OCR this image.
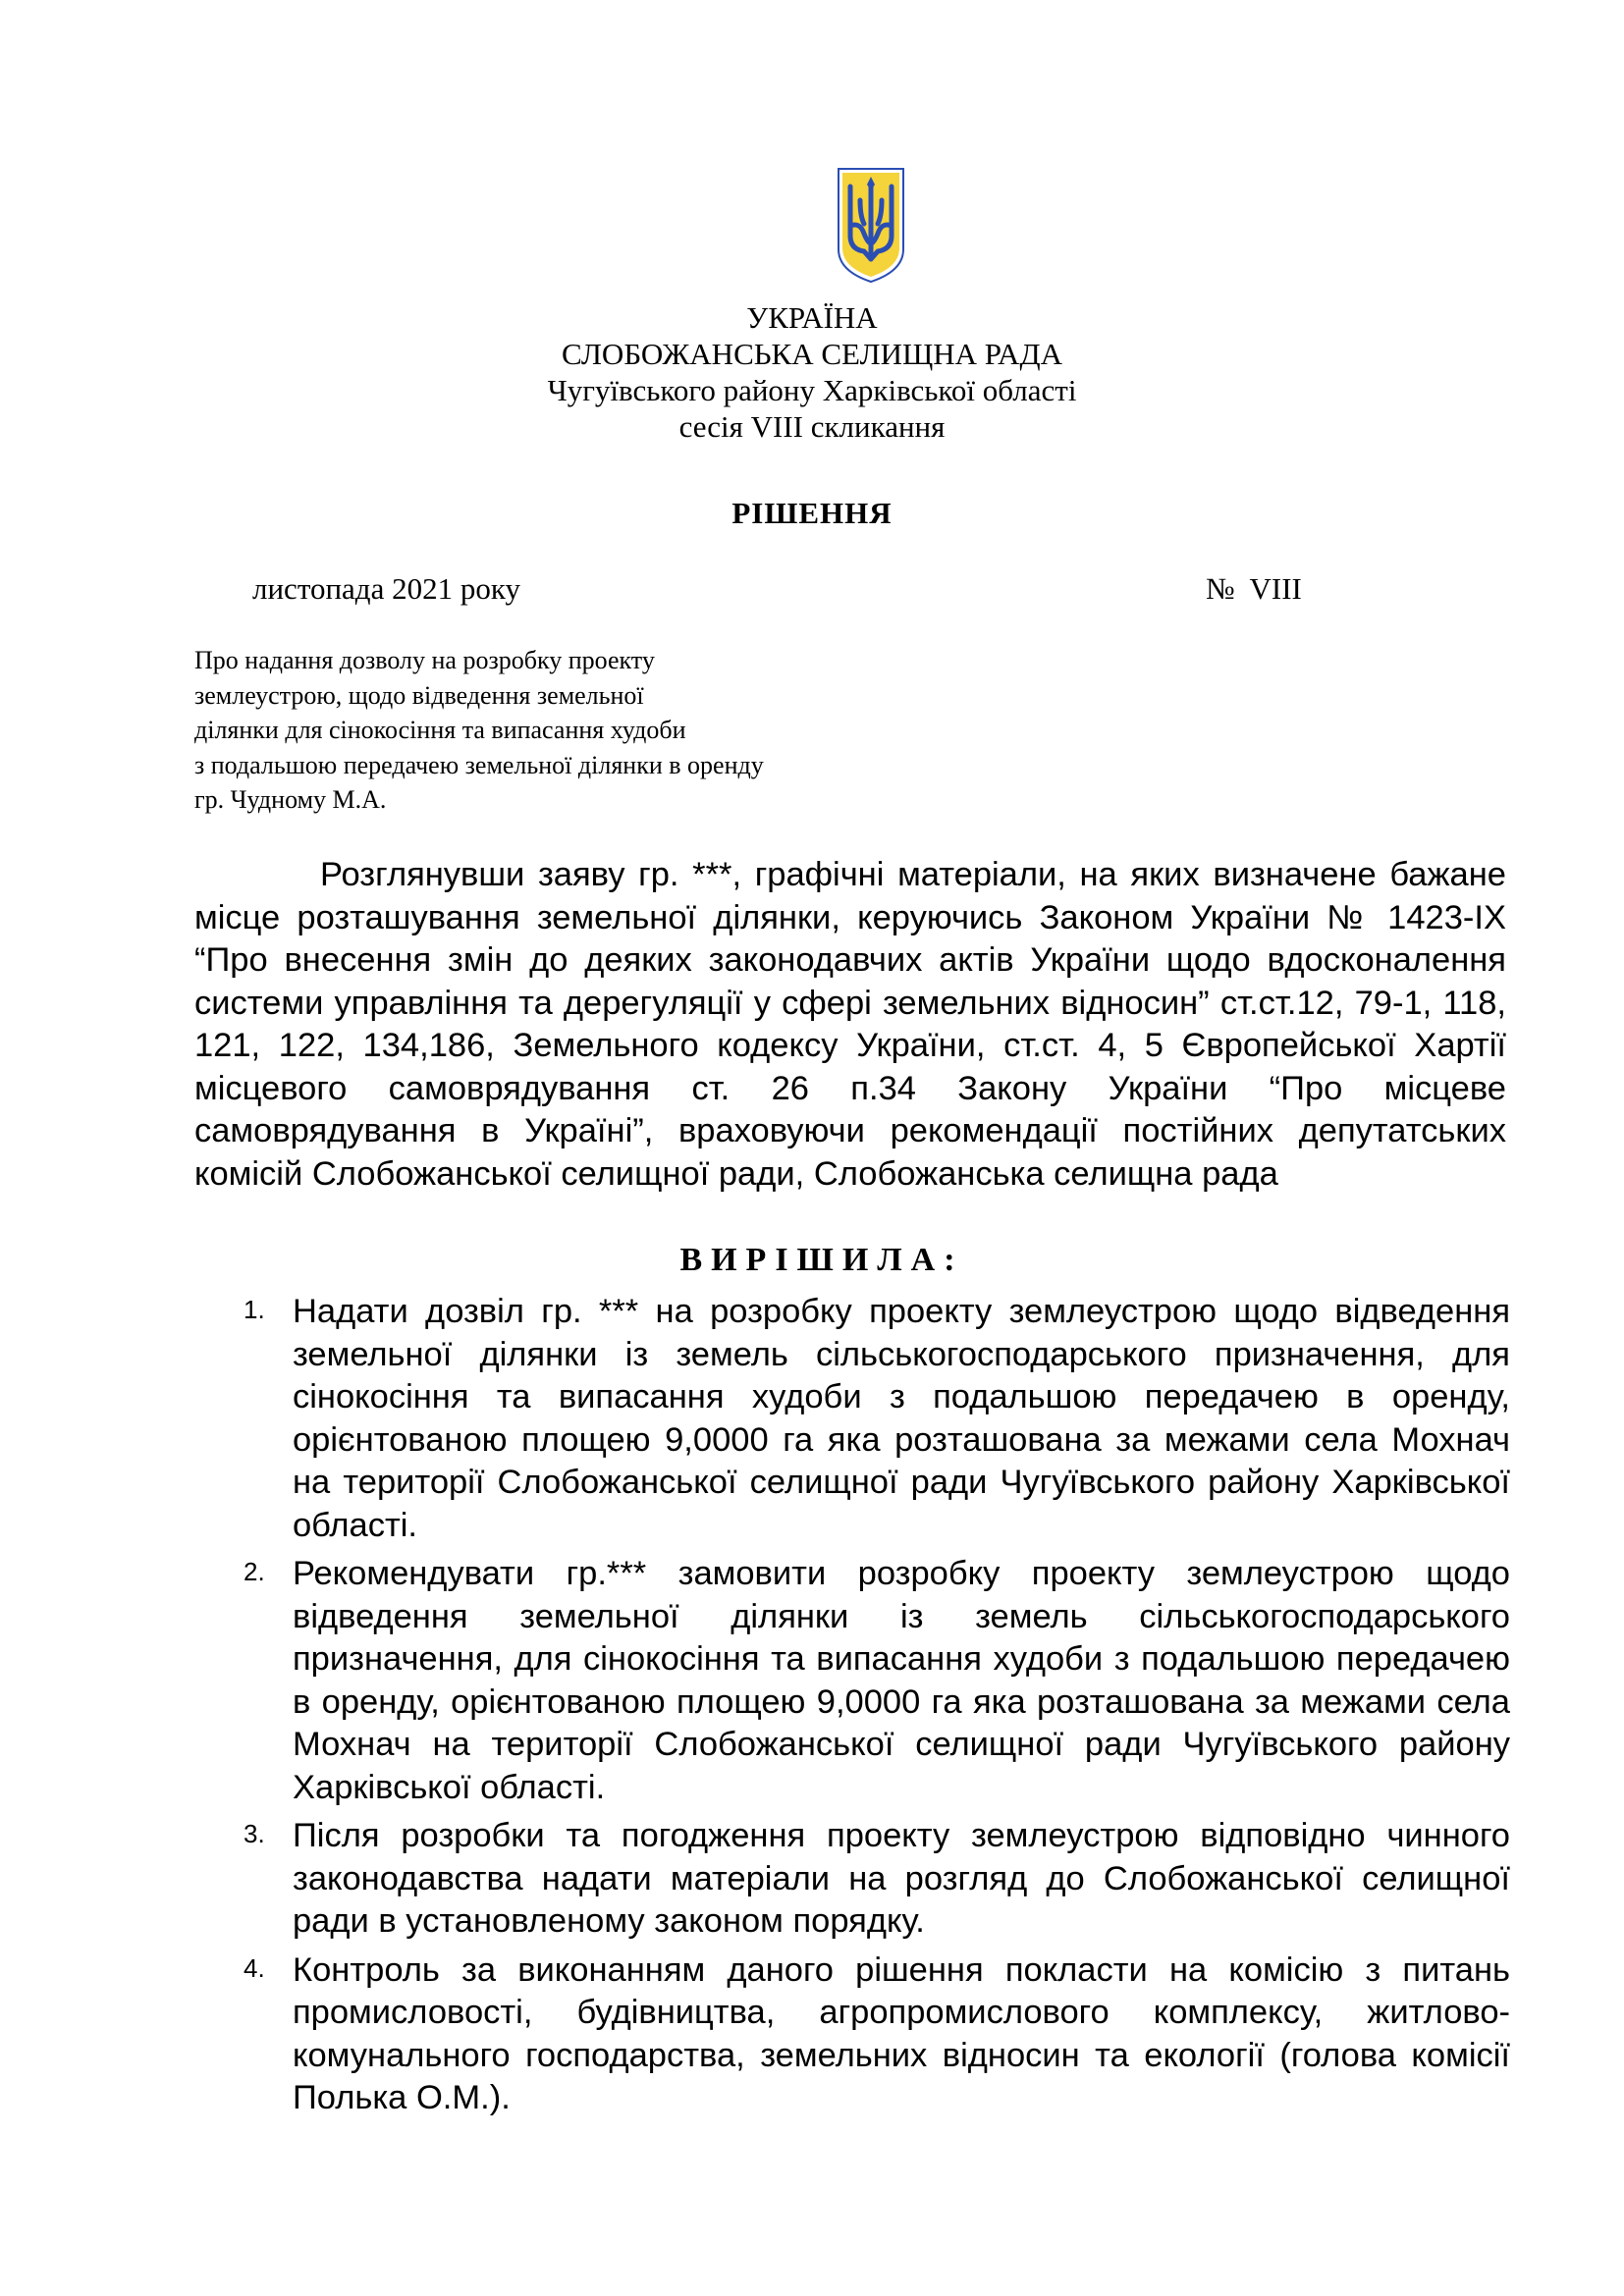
УКРАЇНА
СЛОБОЖАНСЬКА СЕЛИЩНА РАДА
Чугуївського району Харківської області
сесія VIII скликання
РІШЕННЯ
листопада 2021 року	№  VIII
Про надання дозволу на розробку проекту
землеустрою, щодо відведення земельної
ділянки для сінокосіння та випасання худоби
з подальшою передачею земельної ділянки в оренду
гр. Чудному М.А.
Розглянувши заяву гр. ***, графічні матеріали, на яких визначене бажане місце розташування земельної ділянки, керуючись Законом України № 1423-IX “Про внесення змін до деяких законодавчих актів України щодо вдосконалення системи управління та дерегуляції у сфері земельних відносин” ст.ст.12, 79-1, 118, 121, 122, 134,186, Земельного кодексу України, ст.ст. 4, 5 Європейської Хартії місцевого самоврядування ст. 26 п.34 Закону України “Про місцеве самоврядування в Україні”, враховуючи рекомендації постійних депутатських комісій Слобожанської селищної ради, Слобожанська селищна рада
ВИРІШИЛА:
1. Надати дозвіл гр. *** на розробку проекту землеустрою щодо відведення земельної ділянки із земель сільськогосподарського призначення, для сінокосіння та випасання худоби з подальшою передачею в оренду, орієнтованою площею 9,0000 га яка розташована за межами села Мохнач на території Слобожанської селищної ради Чугуївського району Харківської області.
2. Рекомендувати гр.*** замовити розробку проекту землеустрою щодо відведення земельної ділянки із земель сільськогосподарського призначення, для сінокосіння та випасання худоби з подальшою передачею в оренду, орієнтованою площею 9,0000 га яка розташована за межами села Мохнач на території Слобожанської селищної ради Чугуївського району Харківської області.
3. Після розробки та погодження проекту землеустрою відповідно чинного законодавства надати матеріали на розгляд до Слобожанської селищної ради в установленому законом порядку.
4. Контроль за виконанням даного рішення покласти на комісію з питань промисловості, будівництва, агропромислового комплексу, житлово-комунального господарства, земельних відносин та екології (голова комісії Полька О.М.).
